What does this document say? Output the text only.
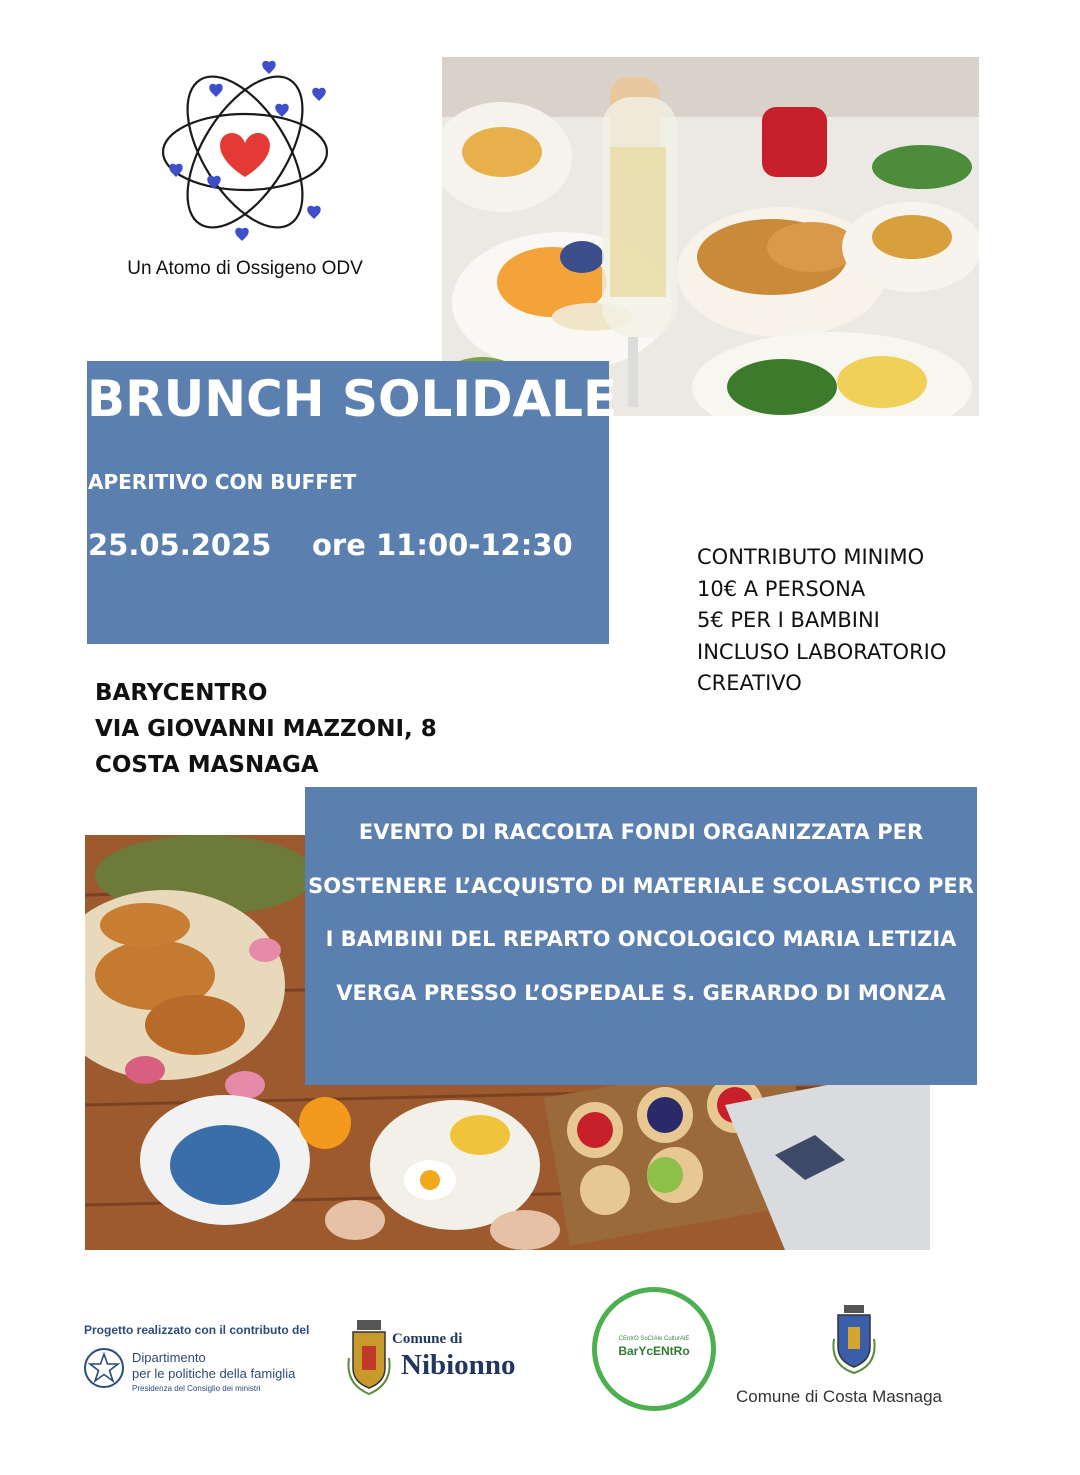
Un Atomo di Ossigeno ODV
BRUNCH SOLIDALE
APERITIVO CON BUFFET
25.05.2025 ore 11:00-12:30	CONTRIBUTO MINIMO
10€ A PERSONA
5€ PER I BAMBINI
INCLUSO LABORATORIO
CREATIVO
BARYCENTRO
VIA GIOVANNI MAZZONI, 8
COSTA MASNAGA
EVENTO DI RACCOLTA FONDI ORGANIZZATA PER
SOSTENERE L’ACQUISTO DI MATERIALE SCOLASTICO PER
I BAMBINI DEL REPARTO ONCOLOGICO MARIA LETIZIA
VERGA PRESSO L’OSPEDALE S. GERARDO DI MONZA
Progetto realizzato con il contributo del
Dipartimento
per le politiche della famiglia
Presidenza del Consiglio dei ministri
Comune di
Nibionno
CEntrO SoCIAle CulturAlE
BarYcENtRo
Comune di Costa Masnaga
